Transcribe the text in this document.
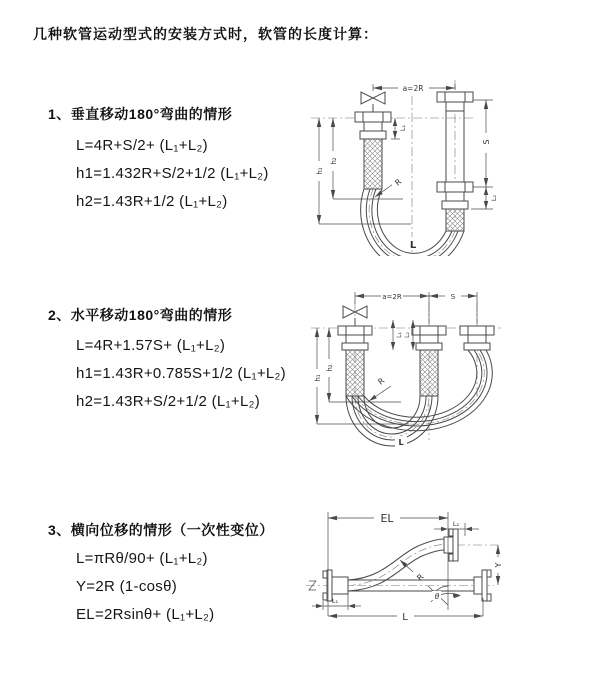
几种软管运动型式的安装方式时，软管的长度计算：
1、垂直移动180°弯曲的情形
L=4R+S/2+ (L₁+L₂)
h1=1.432R+S/2+1/2 (L₁+L₂)
h2=1.43R+1/2 (L₁+L₂)
2、水平移动180°弯曲的情形
L=4R+1.57S+ (L₁+L₂)
h1=1.43R+0.785S+1/2 (L₁+L₂)
h2=1.43R+S/2+1/2 (L₁+L₂)
3、横向位移的情形（一次性变位）
L=πRθ/90+ (L₁+L₂)
Y=2R (1-cosθ)
EL=2Rsinθ+ (L₁+L₂)
a=2R
S
L₂
L₁
h₂
h₁
R
L
a=2R	S
h₂
h₁
L₁ L₂
R
L
EL	L₂
Y
R
θ
L
L₁
